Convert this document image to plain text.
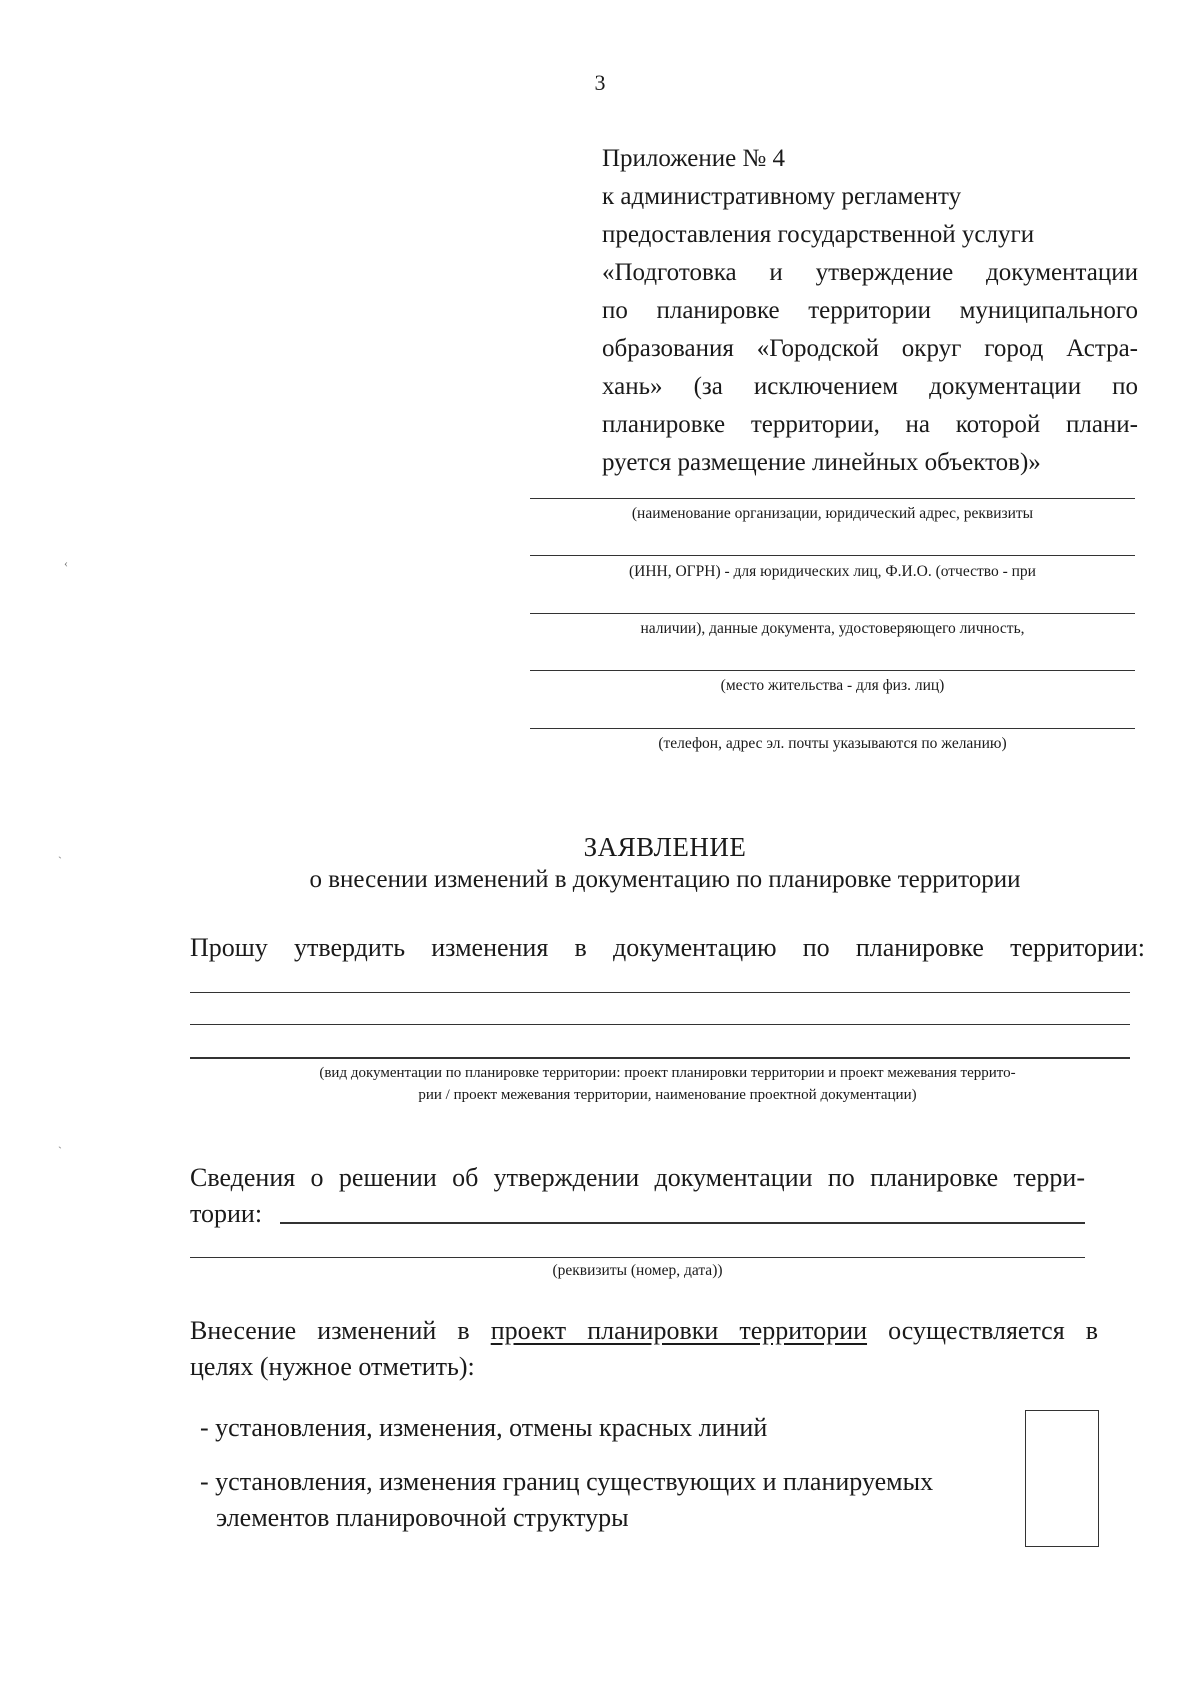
3
Приложение № 4
к административному регламенту
предоставления государственной услуги
«Подготовка и утверждение документации
по планировке территории муниципального
образования «Городской округ город Астра-
хань» (за исключением документации по
планировке территории, на которой плани-
руется размещение линейных объектов)»
(наименование организации, юридический адрес, реквизиты
(ИНН, ОГРН) - для юридических лиц, Ф.И.О. (отчество - при
наличии), данные документа, удостоверяющего личность,
(место жительства - для физ. лиц)
(телефон, адрес эл. почты указываются по желанию)
ЗАЯВЛЕНИЕ
о внесении изменений в документацию по планировке территории
Прошу утвердить изменения в документацию по планировке территории:
(вид документации по планировке территории: проект планировки территории и проект межевания террито-
рии / проект межевания территории, наименование проектной документации)
Сведения о решении об утверждении документации по планировке терри-
тории:
(реквизиты (номер, дата))
Внесение изменений в проект планировки территории осуществляется в
целях (нужное отметить):
- установления, изменения, отмены красных линий
- установления, изменения границ существующих и планируемых
элементов планировочной структуры
‹
ˎ
ˎ
